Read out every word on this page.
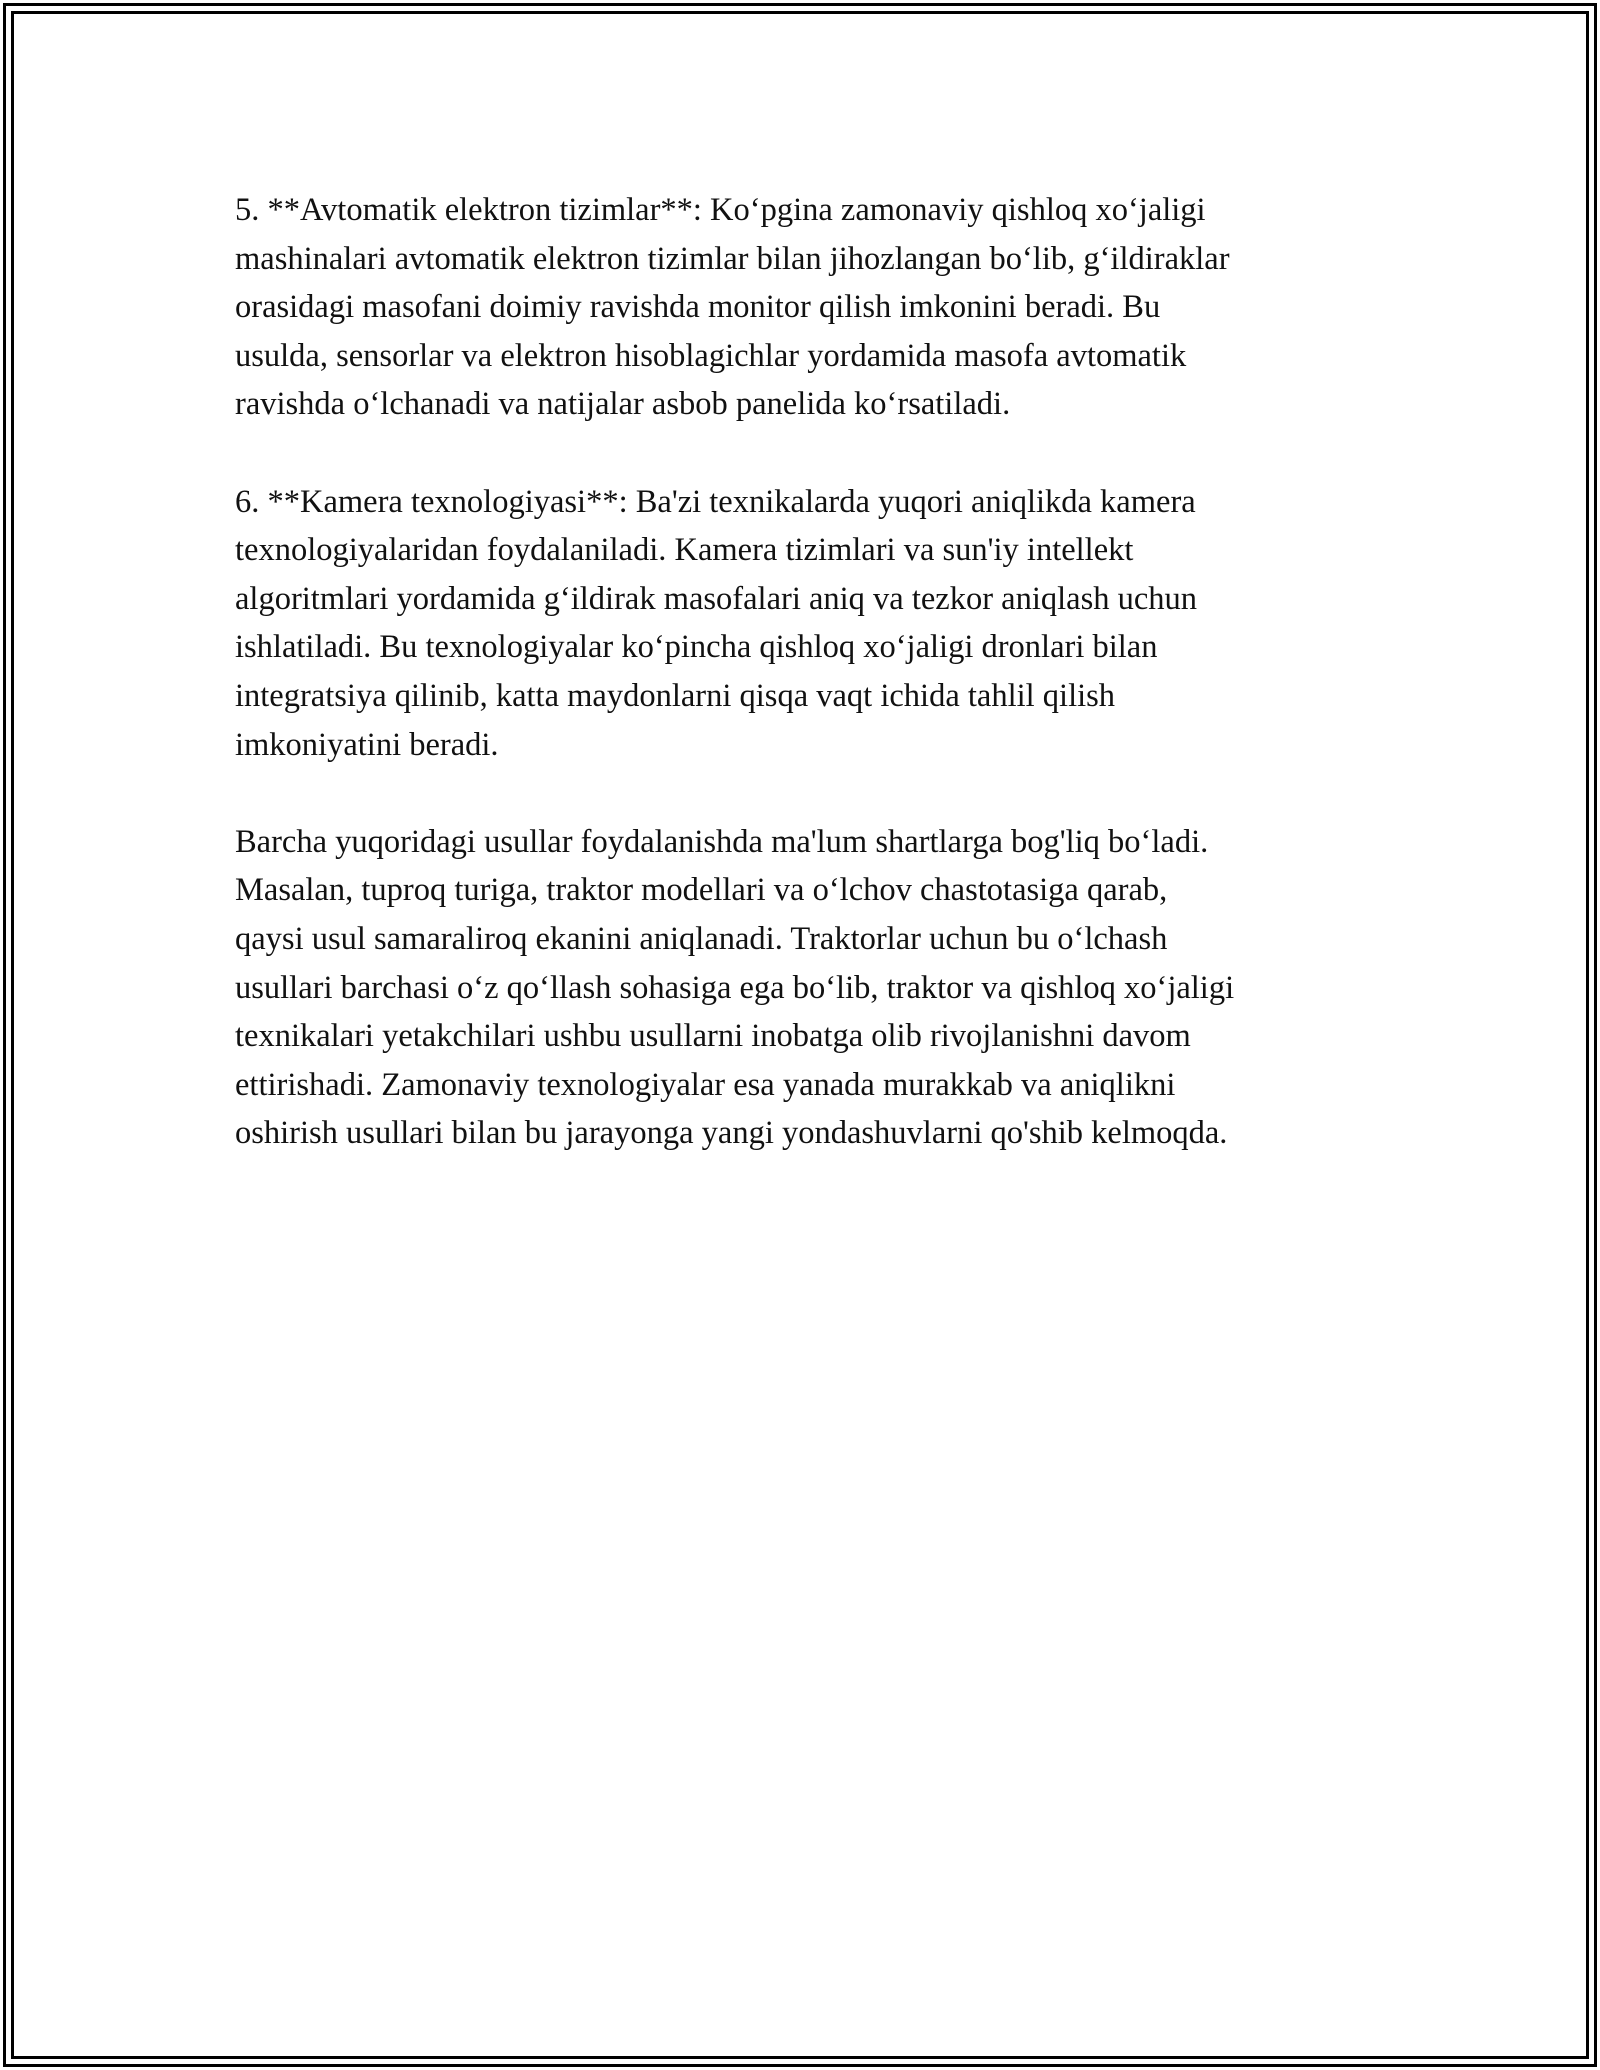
5. **Avtomatik elektron tizimlar**: Ko‘pgina zamonaviy qishloq xo‘jaligi
mashinalari avtomatik elektron tizimlar bilan jihozlangan bo‘lib, g‘ildiraklar
orasidagi masofani doimiy ravishda monitor qilish imkonini beradi. Bu
usulda, sensorlar va elektron hisoblagichlar yordamida masofa avtomatik
ravishda o‘lchanadi va natijalar asbob panelida ko‘rsatiladi.

6. **Kamera texnologiyasi**: Ba'zi texnikalarda yuqori aniqlikda kamera
texnologiyalaridan foydalaniladi. Kamera tizimlari va sun'iy intellekt
algoritmlari yordamida g‘ildirak masofalari aniq va tezkor aniqlash uchun
ishlatiladi. Bu texnologiyalar ko‘pincha qishloq xo‘jaligi dronlari bilan
integratsiya qilinib, katta maydonlarni qisqa vaqt ichida tahlil qilish
imkoniyatini beradi.

Barcha yuqoridagi usullar foydalanishda ma'lum shartlarga bog'liq bo‘ladi.
Masalan, tuproq turiga, traktor modellari va o‘lchov chastotasiga qarab,
qaysi usul samaraliroq ekanini aniqlanadi. Traktorlar uchun bu o‘lchash
usullari barchasi o‘z qo‘llash sohasiga ega bo‘lib, traktor va qishloq xo‘jaligi
texnikalari yetakchilari ushbu usullarni inobatga olib rivojlanishni davom
ettirishadi. Zamonaviy texnologiyalar esa yanada murakkab va aniqlikni
oshirish usullari bilan bu jarayonga yangi yondashuvlarni qo'shib kelmoqda.
